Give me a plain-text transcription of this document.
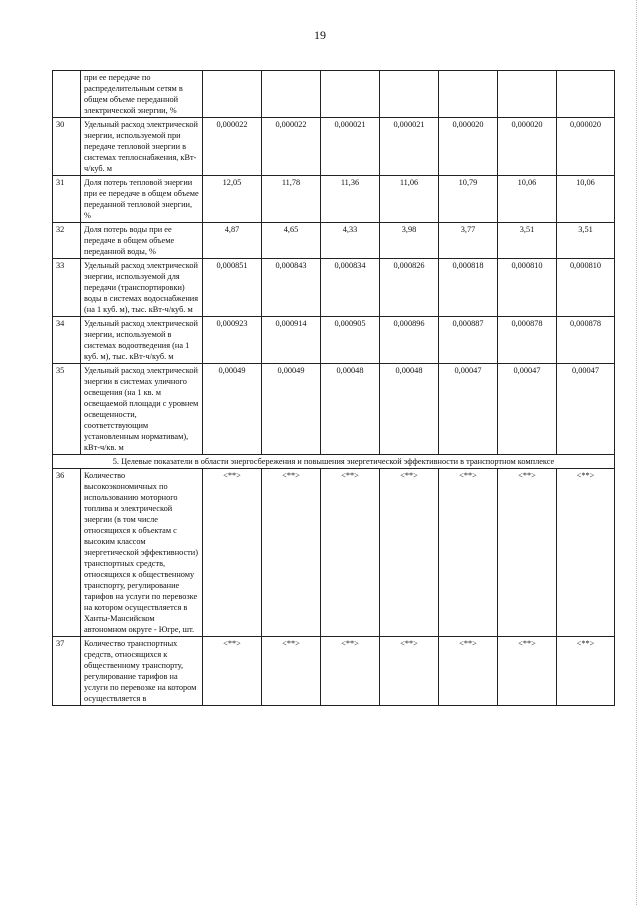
19
	при ее передаче по распределительным сетям в общем объеме переданной электрической энергии, %							
30	Удельный расход электрической энергии, используемой при передаче тепловой энергии в системах теплоснабжения, кВт-ч/куб. м	0,000022	0,000022	0,000021	0,000021	0,000020	0,000020	0,000020
31	Доля потерь тепловой энергии при ее передаче в общем объеме переданной тепловой энергии, %	12,05	11,78	11,36	11,06	10,79	10,06	10,06
32	Доля потерь воды при ее передаче в общем объеме переданной воды, %	4,87	4,65	4,33	3,98	3,77	3,51	3,51
33	Удельный расход электрической энергии, используемой для передачи (транспортировки) воды в системах водоснабжения (на 1 куб. м), тыс. кВт-ч/куб. м	0,000851	0,000843	0,000834	0,000826	0,000818	0,000810	0,000810
34	Удельный расход электрической энергии, используемой в системах водоотведения (на 1 куб. м), тыс. кВт-ч/куб. м	0,000923	0,000914	0,000905	0,000896	0,000887	0,000878	0,000878
35	Удельный расход электрической энергии в системах уличного освещения (на 1 кв. м освещаемой площади с уровнем освещенности, соответствующим установленным нормативам), кВт-ч/кв. м	0,00049	0,00049	0,00048	0,00048	0,00047	0,00047	0,00047
5. Целевые показатели в области энергосбережения и повышения энергетической эффективности в транспортном комплексе								
36	Количество высокоэкономичных по использованию моторного топлива и электрической энергии (в том числе относящихся к объектам с высоким классом энергетической эффективности) транспортных средств, относящихся к общественному транспорту, регулирование тарифов на услуги по перевозке на котором осуществляется в Ханты-Мансийском автономном округе - Югре, шт.	<**>	<**>	<**>	<**>	<**>	<**>	<**>
37	Количество транспортных средств, относящихся к общественному транспорту, регулирование тарифов на услуги по перевозке на котором осуществляется в	<**>	<**>	<**>	<**>	<**>	<**>	<**>
